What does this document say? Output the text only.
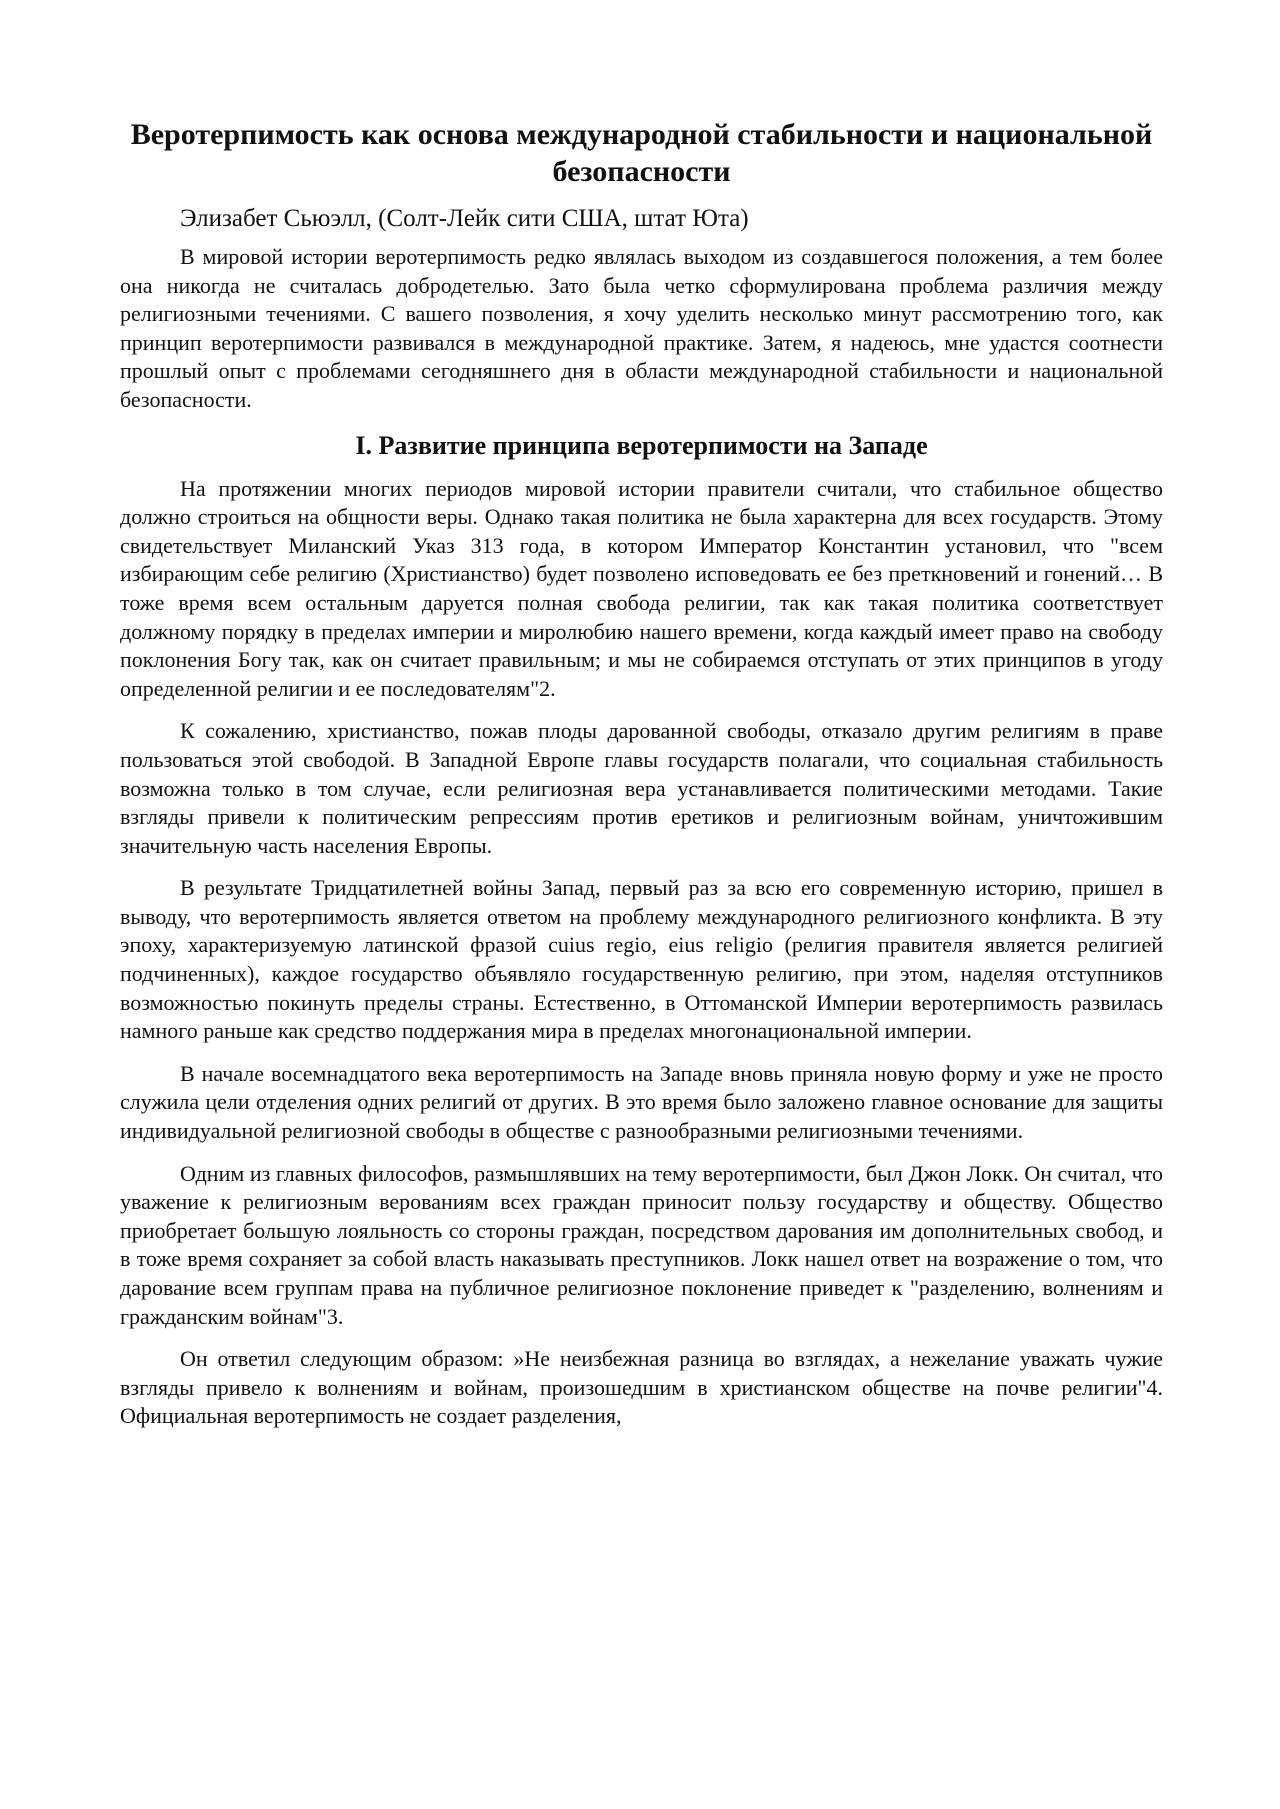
Веротерпимость как основа международной стабильности и национальной безопасности
Элизабет Сьюэлл, (Солт-Лейк сити США, штат Юта)

В мировой истории веротерпимость редко являлась выходом из создавшегося положения, а тем более она никогда не считалась добродетелью. Зато была четко сформулирована проблема различия между религиозными течениями. С вашего позволения, я хочу уделить несколько минут рассмотрению того, как принцип веротерпимости развивался в международной практике. Затем, я надеюсь, мне удастся соотнести прошлый опыт с проблемами сегодняшнего дня в области международной стабильности и национальной безопасности.

I. Развитие принципа веротерпимости на Западе

На протяжении многих периодов мировой истории правители считали, что стабильное общество должно строиться на общности веры. Однако такая политика не была характерна для всех государств. Этому свидетельствует Миланский Указ 313 года, в котором Император Константин установил, что "всем избирающим себе религию (Христианство) будет позволено исповедовать ее без преткновений и гонений… В тоже время всем остальным даруется полная свобода религии, так как такая политика соответствует должному порядку в пределах империи и миролюбию нашего времени, когда каждый имеет право на свободу поклонения Богу так, как он считает правильным; и мы не собираемся отступать от этих принципов в угоду определенной религии и ее последователям"2.

К сожалению, христианство, пожав плоды дарованной свободы, отказало другим религиям в праве пользоваться этой свободой. В Западной Европе главы государств полагали, что социальная стабильность возможна только в том случае, если религиозная вера устанавливается политическими методами. Такие взгляды привели к политическим репрессиям против еретиков и религиозным войнам, уничтожившим значительную часть населения Европы.

В результате Тридцатилетней войны Запад, первый раз за всю его современную историю, пришел в выводу, что веротерпимость является ответом на проблему международного религиозного конфликта. В эту эпоху, характеризуемую латинской фразой cuius regio, eius religio (религия правителя является религией подчиненных), каждое государство объявляло государственную религию, при этом, наделяя отступников возможностью покинуть пределы страны. Естественно, в Оттоманской Империи веротерпимость развилась намного раньше как средство поддержания мира в пределах многонациональной империи.

В начале восемнадцатого века веротерпимость на Западе вновь приняла новую форму и уже не просто служила цели отделения одних религий от других. В это время было заложено главное основание для защиты индивидуальной религиозной свободы в обществе с разнообразными религиозными течениями.

Одним из главных философов, размышлявших на тему веротерпимости, был Джон Локк. Он считал, что уважение к религиозным верованиям всех граждан приносит пользу государству и обществу. Общество приобретает большую лояльность со стороны граждан, посредством дарования им дополнительных свобод, и в тоже время сохраняет за собой власть наказывать преступников. Локк нашел ответ на возражение о том, что дарование всем группам права на публичное религиозное поклонение приведет к "разделению, волнениям и гражданским войнам"3.

Он ответил следующим образом: »Не неизбежная разница во взглядах, а нежелание уважать чужие взгляды привело к волнениям и войнам, произошедшим в христианском обществе на почве религии"4. Официальная веротерпимость не создает разделения,
